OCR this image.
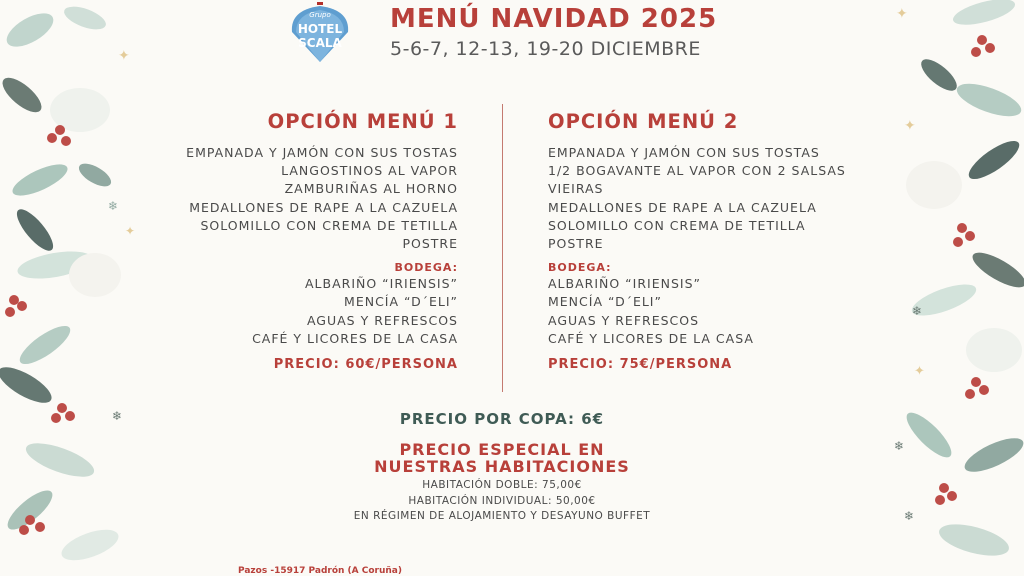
✦
✦
❄
❄
✦
✦
✦
❄
❄
❄
Grupo
HOTEL
SCALA
MENÚ NAVIDAD 2025
5-6-7, 12-13, 19-20 DICIEMBRE
OPCIÓN MENÚ 1
EMPANADA Y JAMÓN CON SUS TOSTAS
LANGOSTINOS AL VAPOR
ZAMBURIÑAS AL HORNO
MEDALLONES DE RAPE A LA CAZUELA
SOLOMILLO CON CREMA DE TETILLA
POSTRE
BODEGA:
ALBARIÑO “IRIENSIS”
MENCÍA “D´ELI”
AGUAS Y REFRESCOS
CAFÉ Y LICORES DE LA CASA
PRECIO: 60€/PERSONA
OPCIÓN MENÚ 2
EMPANADA Y JAMÓN CON SUS TOSTAS
1/2 BOGAVANTE AL VAPOR CON 2 SALSAS
VIEIRAS
MEDALLONES DE RAPE A LA CAZUELA
SOLOMILLO CON CREMA DE TETILLA
POSTRE
BODEGA:
ALBARIÑO “IRIENSIS”
MENCÍA “D´ELI”
AGUAS Y REFRESCOS
CAFÉ Y LICORES DE LA CASA
PRECIO: 75€/PERSONA
PRECIO POR COPA: 6€
PRECIO ESPECIAL EN
NUESTRAS HABITACIONES
HABITACIÓN DOBLE: 75,00€
HABITACIÓN INDIVIDUAL: 50,00€
EN RÉGIMEN DE ALOJAMIENTO Y DESAYUNO BUFFET
Pazos -15917 Padrón (A Coruña)
